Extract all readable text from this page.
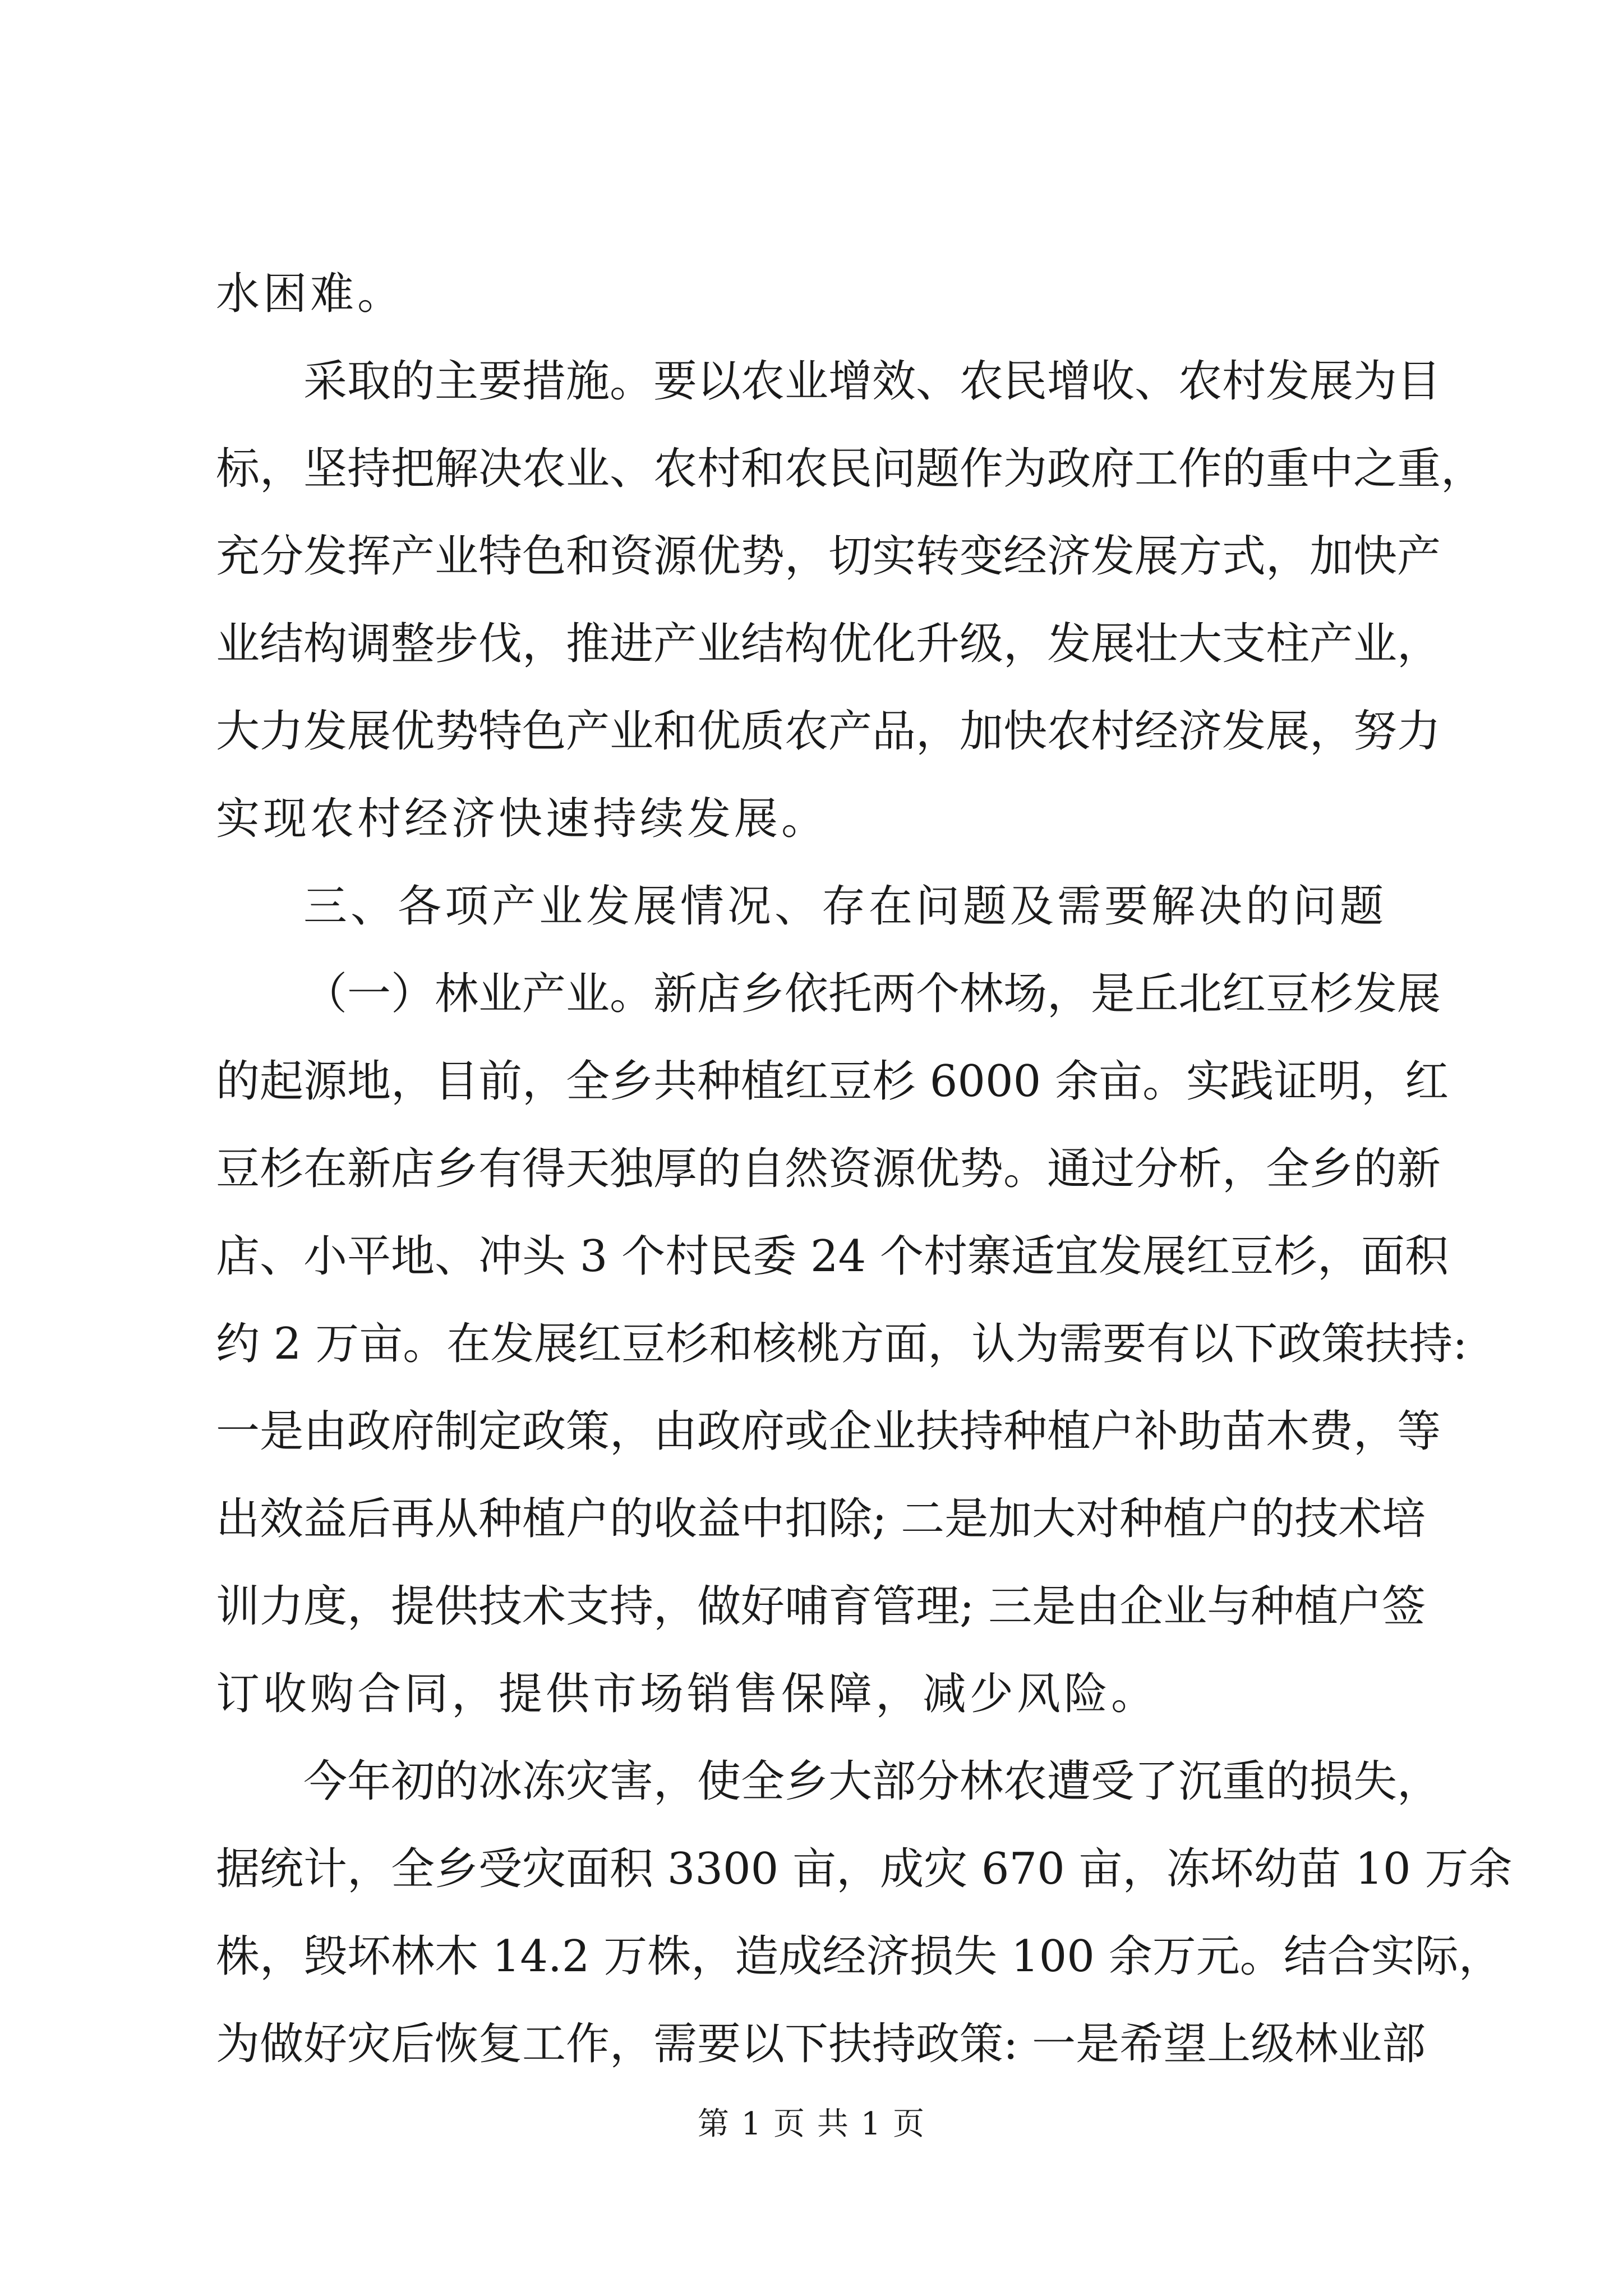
水困难。
采取的主要措施。要以农业增效、农民增收、农村发展为目
标，坚持把解决农业、农村和农民问题作为政府工作的重中之重，
充分发挥产业特色和资源优势，切实转变经济发展方式，加快产
业结构调整步伐，推进产业结构优化升级，发展壮大支柱产业，
大力发展优势特色产业和优质农产品，加快农村经济发展，努力
实现农村经济快速持续发展。
三、各项产业发展情况、存在问题及需要解决的问题
（一）林业产业。新店乡依托两个林场，是丘北红豆杉发展
的起源地，目前，全乡共种植红豆杉 6000 余亩。实践证明，红
豆杉在新店乡有得天独厚的自然资源优势。通过分析，全乡的新
店、小平地、冲头 3 个村民委 24 个村寨适宜发展红豆杉，面积
约 2 万亩。在发展红豆杉和核桃方面，认为需要有以下政策扶持:
一是由政府制定政策，由政府或企业扶持种植户补助苗木费，等
出效益后再从种植户的收益中扣除; 二是加大对种植户的技术培
训力度，提供技术支持，做好哺育管理; 三是由企业与种植户签
订收购合同，提供市场销售保障，减少风险。
今年初的冰冻灾害，使全乡大部分林农遭受了沉重的损失，
据统计，全乡受灾面积 3300 亩，成灾 670 亩，冻坏幼苗 10 万余
株，毁坏林木 14.2 万株，造成经济损失 100 余万元。结合实际，
为做好灾后恢复工作，需要以下扶持政策: 一是希望上级林业部
第 1 页 共 1 页
